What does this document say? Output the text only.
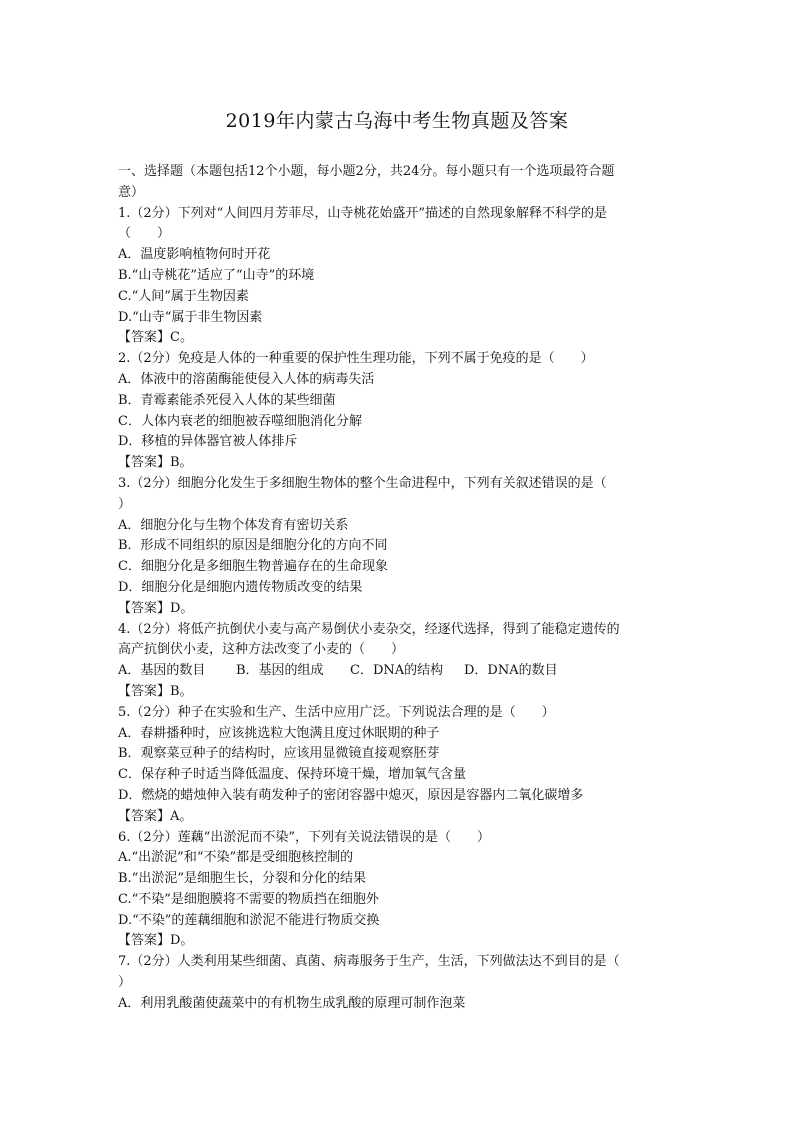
2019年内蒙古乌海中考生物真题及答案
一、选择题（本题包括12个小题，每小题2分，共24分。每小题只有一个选项最符合题
意）
1.（2分）下列对“人间四月芳菲尽，山寺桃花始盛开”描述的自然现象解释不科学的是
（　　）
A．温度影响植物何时开花
B.“山寺桃花”适应了“山寺”的环境
C.“人间”属于生物因素
D.“山寺“属于非生物因素
【答案】C。
2.（2分）免疫是人体的一种重要的保护性生理功能，下列不属于免疫的是（　　）
A．体液中的溶菌酶能使侵入人体的病毒失活
B．青霉素能杀死侵入人体的某些细菌
C．人体内衰老的细胞被吞噬细胞消化分解
D．移植的异体器官被人体排斥
【答案】B。
3.（2分）细胞分化发生于多细胞生物体的整个生命进程中，下列有关叙述错误的是（
）
A．细胞分化与生物个体发育有密切关系
B．形成不同组织的原因是细胞分化的方向不同
C．细胞分化是多细胞生物普遍存在的生命现象
D．细胞分化是细胞内遗传物质改变的结果
【答案】D。
4.（2分）将低产抗倒伏小麦与高产易倒伏小麦杂交，经逐代选择，得到了能稳定遗传的
高产抗倒伏小麦，这种方法改变了小麦的（　　）
A．基因的数目 B．基因的组成 C．DNA的结构 D．DNA的数目
【答案】B。
5.（2分）种子在实验和生产、生活中应用广泛。下列说法合理的是（　　）
A．春耕播种时，应该挑选粒大饱满且度过休眠期的种子
B．观察菜豆种子的结构时，应该用显微镜直接观察胚芽
C．保存种子时适当降低温度、保持环境干燥，增加氧气含量
D．燃烧的蜡烛伸入装有萌发种子的密闭容器中熄灭，原因是容器内二氧化碳增多
【答案】A。
6.（2分）莲藕“出淤泥而不染”，下列有关说法错误的是（　　）
A.“出淤泥”和“不染”都是受细胞核控制的
B.“出淤泥”是细胞生长，分裂和分化的结果
C.“不染”是细胞膜将不需要的物质挡在细胞外
D.“不染”的莲藕细胞和淤泥不能进行物质交换
【答案】D。
7.（2分）人类利用某些细菌、真菌、病毒服务于生产，生活，下列做法达不到目的是（
）
A．利用乳酸菌使蔬菜中的有机物生成乳酸的原理可制作泡菜
